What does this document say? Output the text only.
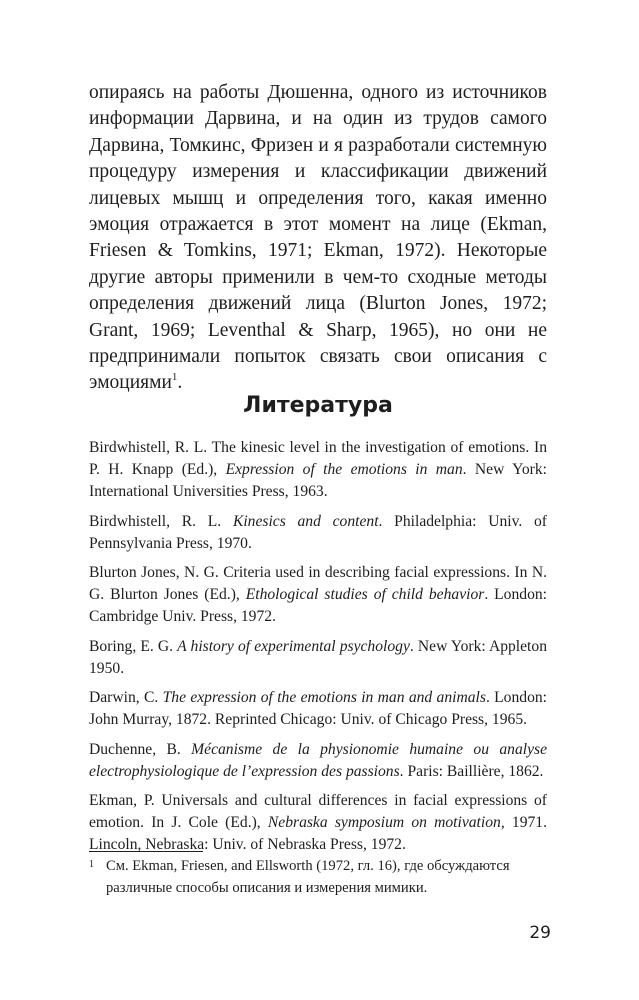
опираясь на работы Дюшенна, одного из источников информации Дарвина, и на один из трудов самого Дарвина, Томкинс, Фризен и я разработали системную процедуру измерения и классификации движений лицевых мышц и определения того, какая именно эмоция отражается в этот момент на лице (Ekman, Friesen & Tomkins, 1971; Ekman, 1972). Некоторые другие авторы применили в чем-то сходные методы определения движений лица (Blurton Jones, 1972; Grant, 1969; Leventhal & Sharp, 1965), но они не предпринимали попыток связать свои описания с эмоциями$^1$.

Литература
Birdwhistell, R. L. The kinesic level in the investigation of emotions. In P. H. Knapp (Ed.), Expression of the emotions in man. New York: International Universities Press, 1963.
Birdwhistell, R. L. Kinesics and content. Philadelphia: Univ. of Pennsylvania Press, 1970.
Blurton Jones, N. G. Criteria used in describing facial expressions. In N. G. Blurton Jones (Ed.), Ethological studies of child behavior. London: Cambridge Univ. Press, 1972.
Boring, E. G. A history of experimental psychology. New York: Appleton 1950.
Darwin, C. The expression of the emotions in man and animals. London: John Murray, 1872. Reprinted Chicago: Univ. of Chicago Press, 1965.
Duchenne, B. Mécanisme de la physionomie humaine ou analyse electrophysiologique de l’expression des passions. Paris: Baillière, 1862.
Ekman, P. Universals and cultural differences in facial expressions of emotion. In J. Cole (Ed.), Nebraska symposium on motivation, 1971. Lincoln, Nebraska: Univ. of Nebraska Press, 1972.

1 См. Ekman, Friesen, and Ellsworth (1972, гл. 16), где обсуждаются различные способы описания и измерения мимики.

29
